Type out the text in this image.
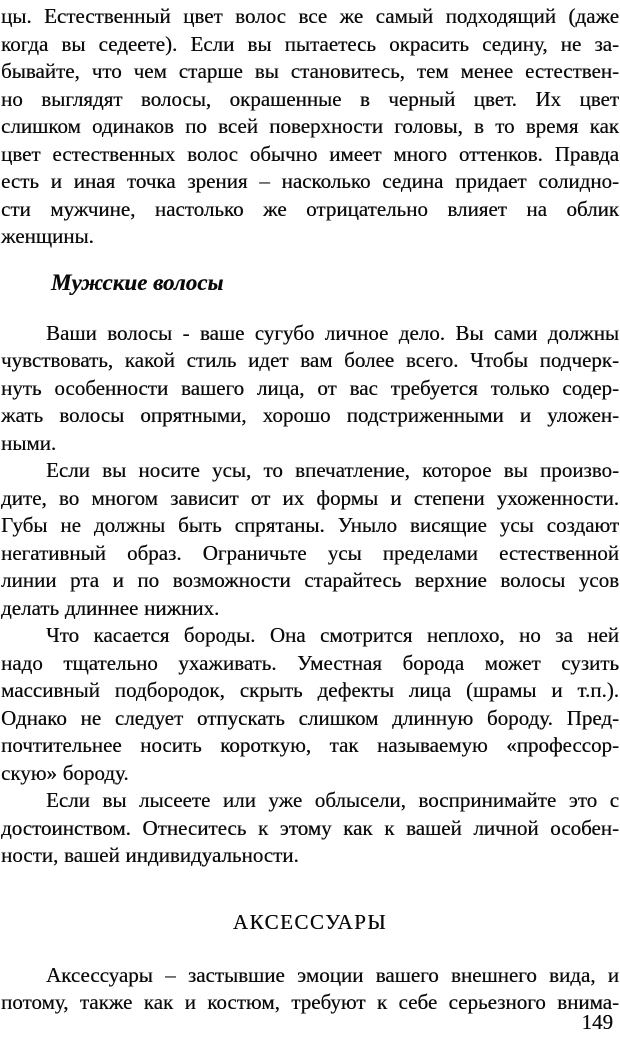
цы. Естественный цвет волос все же самый подходящий (даже
когда вы седеете). Если вы пытаетесь окрасить седину, не за-
бывайте, что чем старше вы становитесь, тем менее естествен-
но выглядят волосы, окрашенные в черный цвет. Их цвет
слишком одинаков по всей поверхности головы, в то время как
цвет естественных волос обычно имеет много оттенков. Правда
есть и иная точка зрения – насколько седина придает солидно-
сти мужчине, настолько же отрицательно влияет на облик
женщины.
Мужские волосы
Ваши волосы - ваше сугубо личное дело. Вы сами должны
чувствовать, какой стиль идет вам более всего. Чтобы подчерк-
нуть особенности вашего лица, от вас требуется только содер-
жать волосы опрятными, хорошо подстриженными и уложен-
ными.
Если вы носите усы, то впечатление, которое вы произво-
дите, во многом зависит от их формы и степени ухоженности.
Губы не должны быть спрятаны. Уныло висящие усы создают
негативный образ. Ограничьте усы пределами естественной
линии рта и по возможности старайтесь верхние волосы усов
делать длиннее нижних.
Что касается бороды. Она смотрится неплохо, но за ней
надо тщательно ухаживать. Уместная борода может сузить
массивный подбородок, скрыть дефекты лица (шрамы и т.п.).
Однако не следует отпускать слишком длинную бороду. Пред-
почтительнее носить короткую, так называемую «профессор-
скую» бороду.
Если вы лысеете или уже облысели, воспринимайте это с
достоинством. Отнеситесь к этому как к вашей личной особен-
ности, вашей индивидуальности.
АКСЕССУАРЫ
Аксессуары – застывшие эмоции вашего внешнего вида, и
потому, также как и костюм, требуют к себе серьезного внима-
149
